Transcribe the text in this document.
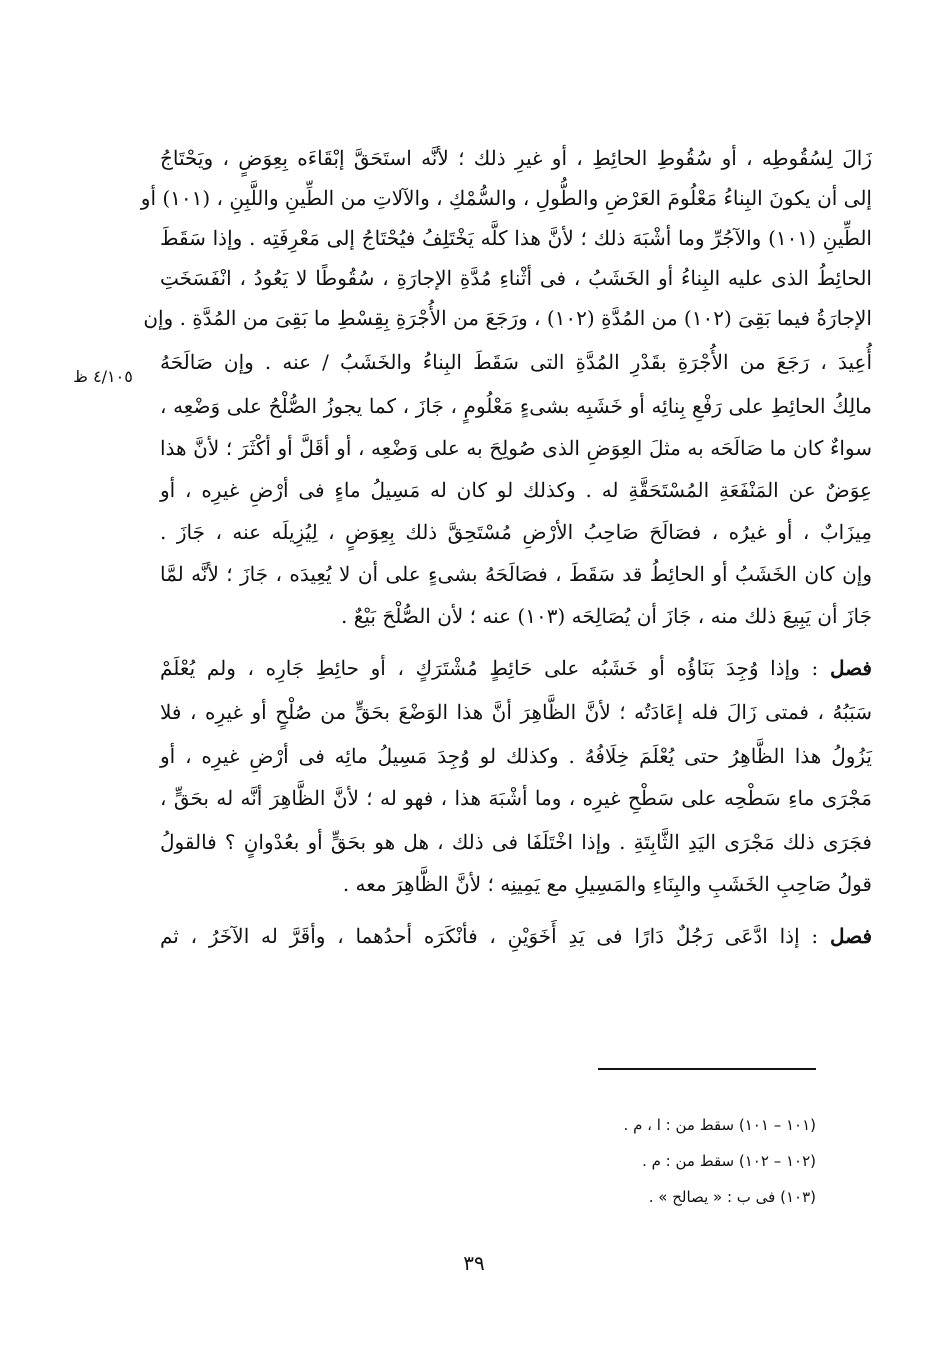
زَالَ لِسُقُوطِه ، أو سُقُوطِ الحائِطِ ، أو غيرِ ذلك ؛ لأنَّه استَحَقَّ إبْقَاءَه بِعِوَضٍ ، ويَحْتَاجُ
إلى أن يكونَ البِناءُ مَعْلُومَ العَرْضِ والطُّولِ ، والسُّمْكِ ، والآلاتِ من الطِّينِ واللَّبِنِ ، (١٠١) أو
الطِّينِ (١٠١) والآجُرِّ وما أشْبَهَ ذلك ؛ لأنَّ هذا كلَّه يَخْتَلِفُ فيُحْتَاجُ إلى مَعْرِفَتِه . وإذا سَقَطَ
الحائِطُ الذى عليه البِناءُ أو الخَشَبُ ، فى أثْناءِ مُدَّةِ الإجارَةِ ، سُقُوطًا لا يَعُودُ ، انْفَسَخَتِ
الإجارَةُ فيما بَقِىَ (١٠٢) من المُدَّةِ (١٠٢) ، ورَجَعَ من الأُجْرَةِ بِقِسْطِ ما بَقِىَ من المُدَّةِ . وإن
أُعِيدَ ، رَجَعَ من الأُجْرَةِ بقَدْرِ المُدَّةِ التى سَقَطَ البِناءُ والخَشَبُ / عنه . وإن صَالَحَهُ
مالِكُ الحائِطِ على رَفْعِ بِنائِه أو خَشَبِه بشىءٍ مَعْلُومٍ ، جَازَ ، كما يجوزُ الصُّلْحُ على وَضْعِه ،
سواءٌ كان ما صَالَحَه به مثلَ العِوَضِ الذى صُولِحَ به على وَضْعِه ، أو أقَلَّ أو أكْثَرَ ؛ لأنَّ هذا
عِوَضٌ عن المَنْفَعَةِ المُسْتَحَقَّةِ له . وكذلك لو كان له مَسِيلُ ماءٍ فى أرْضِ غيرِه ، أو
مِيزَابٌ ، أو غيرُه ، فصَالَحَ صَاحِبُ الأرْضِ مُسْتَحِقَّ ذلك بِعِوَضٍ ، لِيُزِيلَه عنه ، جَازَ .
وإن كان الخَشَبُ أو الحائِطُ قد سَقَطَ ، فصَالَحَهُ بشىءٍ على أن لا يُعِيدَه ، جَازَ ؛ لأنَّه لمَّا
جَازَ أن يَبِيعَ ذلك منه ، جَازَ أن يُصَالِحَه (١٠٣) عنه ؛ لأن الصُّلْحَ بَيْعٌ .
فصل : وإذا وُجِدَ بَنَاؤُه أو خَشَبُه على حَائِطٍ مُشْتَرَكٍ ، أو حائِطِ جَارِه ، ولم يُعْلَمْ
سَبَبُهُ ، فمتى زَالَ فله إعَادَتُه ؛ لأنَّ الظَّاهِرَ أنَّ هذا الوَضْعَ بحَقٍّ من صُلْحٍ أو غيرِه ، فلا
يَزُولُ هذا الظَّاهِرُ حتى يُعْلَمَ خِلَافُهُ . وكذلك لو وُجِدَ مَسِيلُ مائِه فى أرْضِ غيرِه ، أو
مَجْرَى ماءِ سَطْحِه على سَطْحِ غيرِه ، وما أشْبَهَ هذا ، فهو له ؛ لأنَّ الظَّاهِرَ أنَّه له بحَقٍّ ،
فجَرَى ذلك مَجْرَى اليَدِ الثَّابِتَةِ . وإذا اخْتَلَفَا فى ذلك ، هل هو بحَقٍّ أو بعُدْوانٍ ؟ فالقولُ
قولُ صَاحِبِ الخَشَبِ والبِنَاءِ والمَسِيلِ مع يَمِينِه ؛ لأنَّ الظَّاهِرَ معه .
فصل : إذا ادَّعَى رَجُلٌ دَارًا فى يَدِ أَخَوَيْنِ ، فأنْكَرَه أحدُهما ، وأقَرَّ له الآخَرُ ، ثم
٤/١٠٥ ظ
(١٠١ – ١٠١) سقط من : ا ، م .
(١٠٢ – ١٠٢) سقط من : م .
(١٠٣) فى ب : « يصالح » .
٣٩
